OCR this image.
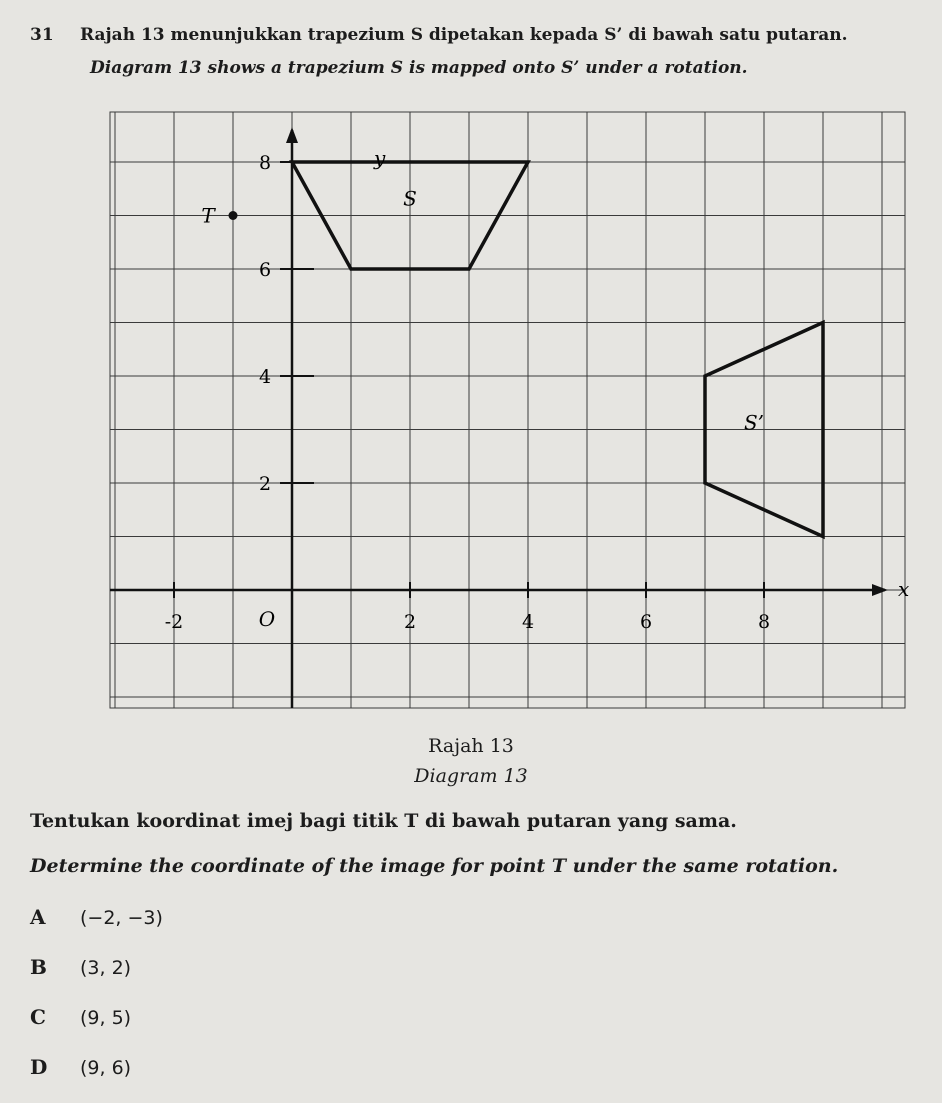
31 Rajah 13 menunjukkan trapezium S dipetakan kepada S’ di bawah satu putaran.
Diagram 13 shows a trapezium S is mapped onto S’ under a rotation.
-2	2	4	6	8
2
4
6
8
O
x
y
S
S’
T
Rajah 13
Diagram 13
Tentukan koordinat imej bagi titik T di bawah putaran yang sama.
Determine the coordinate of the image for point T under the same rotation.
A (−2, −3)
B (3, 2)
C (9, 5)
D (9, 6)
